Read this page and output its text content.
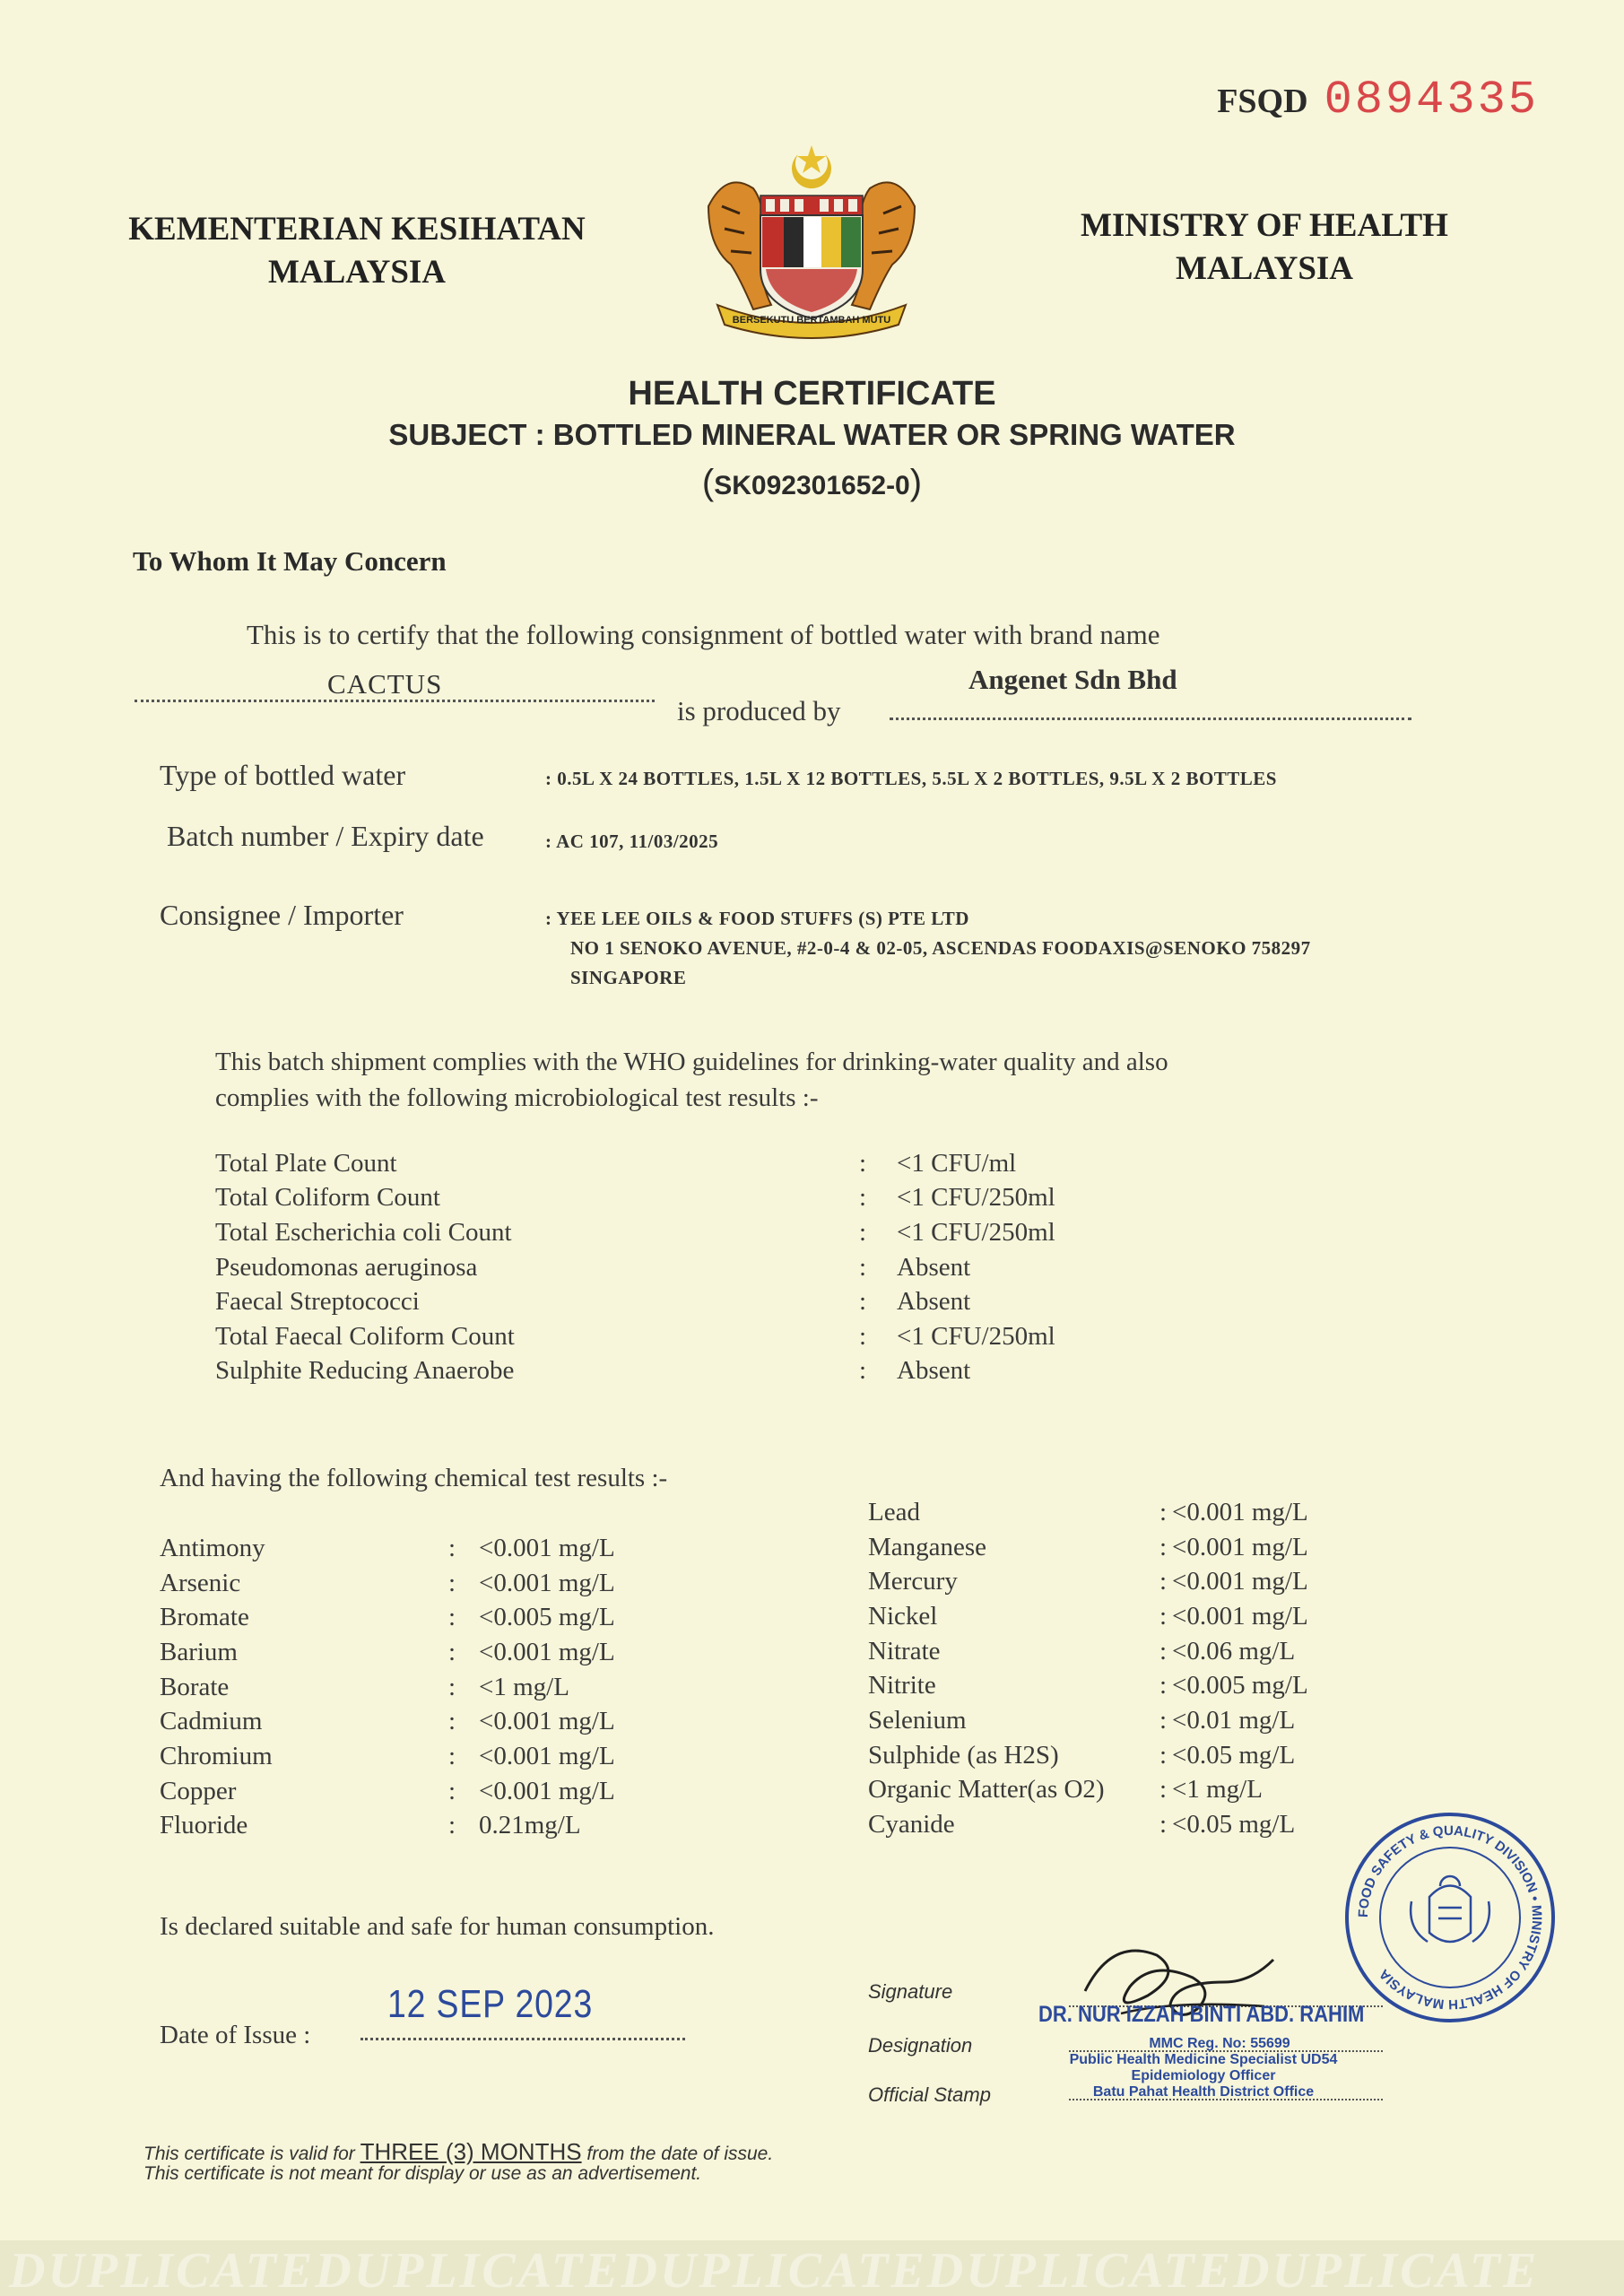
FSQD 0894335
KEMENTERIAN KESIHATAN
MALAYSIA
BERSEKUTU BERTAMBAH MUTU
MINISTRY OF HEALTH
MALAYSIA
HEALTH CERTIFICATE
SUBJECT : BOTTLED MINERAL WATER OR SPRING WATER
(SK092301652-0)
To Whom It May Concern
This is to certify that the following consignment of bottled water with brand name
CACTUS
is produced by
Angenet Sdn Bhd
Type of bottled water	: 0.5L X 24 BOTTLES, 1.5L X 12 BOTTLES, 5.5L X 2 BOTTLES, 9.5L X 2 BOTTLES
Batch number / Expiry date	: AC 107, 11/03/2025
Consignee / Importer	: YEE LEE OILS & FOOD STUFFS (S) PTE LTD
NO 1 SENOKO AVENUE, #2-0-4 & 02-05, ASCENDAS FOODAXIS@SENOKO 758297
SINGAPORE
This batch shipment complies with the WHO guidelines for drinking-water quality and also
complies with the following microbiological test results :-
Total Plate Count	:	<1 CFU/ml
Total Coliform Count	:	<1 CFU/250ml
Total Escherichia coli Count	:	<1 CFU/250ml
Pseudomonas aeruginosa	:	Absent
Faecal Streptococci	:	Absent
Total Faecal Coliform Count	:	<1 CFU/250ml
Sulphite Reducing Anaerobe	:	Absent
And having the following chemical test results :-
Antimony	: <0.001 mg/L
Arsenic	: <0.001 mg/L
Bromate	: <0.005 mg/L
Barium	: <0.001 mg/L
Borate	: <1 mg/L
Cadmium	: <0.001 mg/L
Chromium	: <0.001 mg/L
Copper	: <0.001 mg/L
Fluoride	: 0.21mg/L
Lead	: <0.001 mg/L
Manganese	: <0.001 mg/L
Mercury	: <0.001 mg/L
Nickel	: <0.001 mg/L
Nitrate	: <0.06 mg/L
Nitrite	: <0.005 mg/L
Selenium	: <0.01 mg/L
Sulphide (as H2S)	: <0.05 mg/L
Organic Matter(as O2)	: <1 mg/L
Cyanide	: <0.05 mg/L
Is declared suitable and safe for human consumption.
Date of Issue :
12 SEP 2023	Signature
Designation
Official Stamp
DR. NUR IZZAH BINTI ABD. RAHIM
MMC Reg. No: 55699
Public Health Medicine Specialist UD54
Epidemiology Officer
Batu Pahat Health District Office
FOOD SAFETY & QUALITY DIVISION • MINISTRY OF HEALTH MALAYSIA
This certificate is valid for THREE (3) MONTHS from the date of issue.
This certificate is not meant for display or use as an advertisement.
DUPLICATEDUPLICATEDUPLICATEDUPLICATEDUPLICATE
